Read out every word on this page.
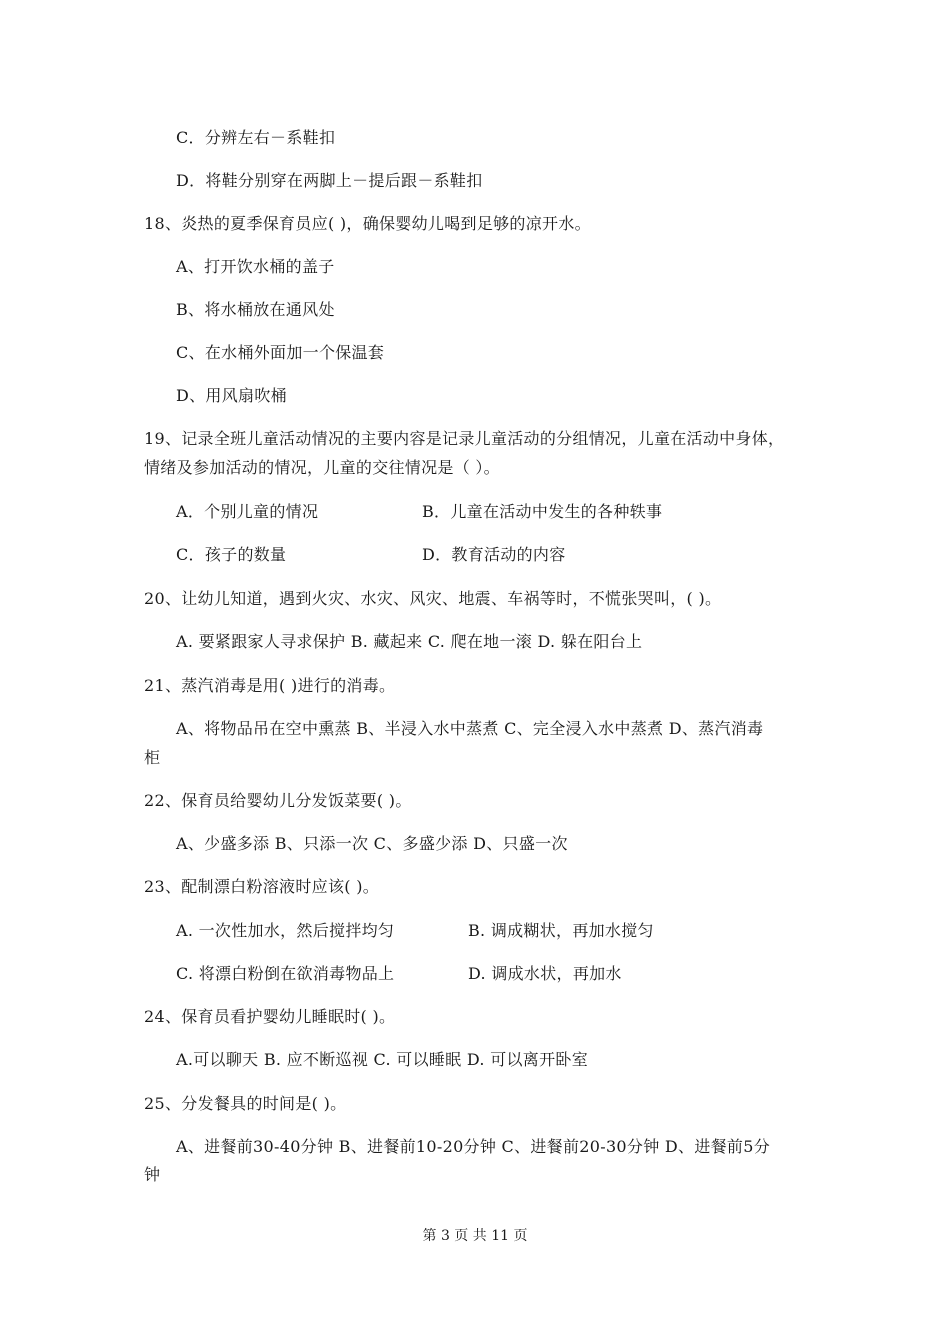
C．分辨左右－系鞋扣
D．将鞋分别穿在两脚上－提后跟－系鞋扣
18、炎热的夏季保育员应( )，确保婴幼儿喝到足够的凉开水。
A、打开饮水桶的盖子
B、将水桶放在通风处
C、在水桶外面加一个保温套
D、用风扇吹桶
19、记录全班儿童活动情况的主要内容是记录儿童活动的分组情况，儿童在活动中身体，
情绪及参加活动的情况，儿童的交往情况是（ ）。
A．个别儿童的情况	B．儿童在活动中发生的各种轶事
C．孩子的数量	D．教育活动的内容
20、让幼儿知道，遇到火灾、水灾、风灾、地震、车祸等时，不慌张哭叫，( )。
A. 要紧跟家人寻求保护 B. 藏起来 C. 爬在地一滚 D. 躲在阳台上
21、蒸汽消毒是用( )进行的消毒。
A、将物品吊在空中熏蒸 B、半浸入水中蒸煮 C、完全浸入水中蒸煮 D、蒸汽消毒
柜
22、保育员给婴幼儿分发饭菜要( )。
A、少盛多添 B、只添一次 C、多盛少添 D、只盛一次
23、配制漂白粉溶液时应该( )。
A. 一次性加水，然后搅拌均匀	B. 调成糊状，再加水搅匀
C. 将漂白粉倒在欲消毒物品上	D. 调成水状，再加水
24、保育员看护婴幼儿睡眠时( )。
A.可以聊天 B. 应不断巡视 C. 可以睡眠 D. 可以离开卧室
25、分发餐具的时间是( )。
A、进餐前30-40分钟 B、进餐前10-20分钟 C、进餐前20-30分钟 D、进餐前5分
钟
第 3 页 共 11 页
